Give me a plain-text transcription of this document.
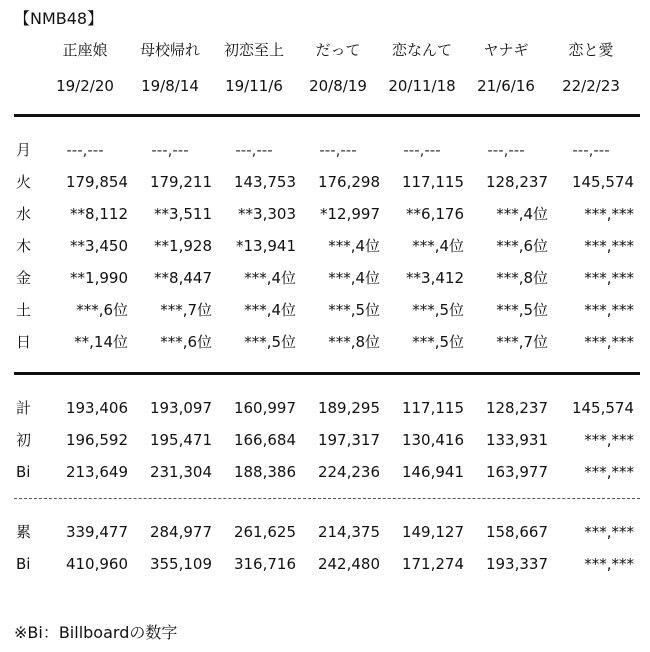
【NMB48】
正座娘	母校帰れ	初恋至上	だって	恋なんて	ヤナギ	恋と愛
19/2/20	19/8/14	19/11/6	20/8/19	20/11/18	21/6/16	22/2/23
月	---,---	---,---	---,---	---,---	---,---	---,---	---,---
火	179,854	179,211	143,753	176,298	117,115	128,237	145,574
水	**8,112	**3,511	**3,303	*12,997	**6,176	***,4位	***,***
木	**3,450	**1,928	*13,941	***,4位	***,4位	***,6位	***,***
金	**1,990	**8,447	***,4位	***,4位	**3,412	***,8位	***,***
土	***,6位	***,7位	***,4位	***,5位	***,5位	***,5位	***,***
日	**,14位	***,6位	***,5位	***,8位	***,5位	***,7位	***,***
計	193,406	193,097	160,997	189,295	117,115	128,237	145,574
初	196,592	195,471	166,684	197,317	130,416	133,931	***,***
Bi	213,649	231,304	188,386	224,236	146,941	163,977	***,***
累	339,477	284,977	261,625	214,375	149,127	158,667	***,***
Bi	410,960	355,109	316,716	242,480	171,274	193,337	***,***
※Bi：Billboardの数字
